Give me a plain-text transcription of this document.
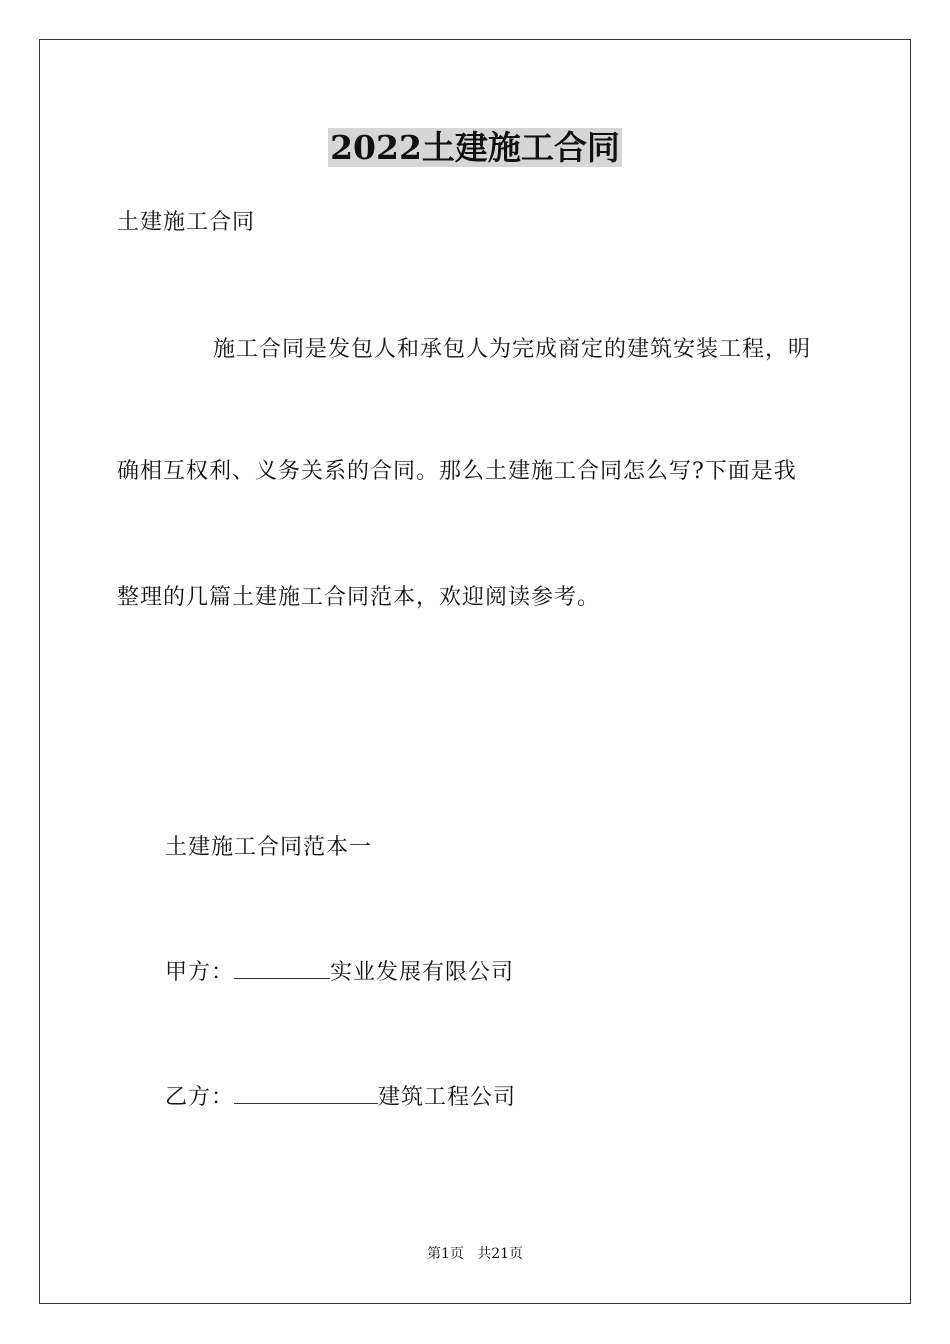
2022土建施工合同
土建施工合同
施工合同是发包人和承包人为完成商定的建筑安装工程，明
确相互权利、义务关系的合同。那么土建施工合同怎么写?下面是我
整理的几篇土建施工合同范本，欢迎阅读参考。
土建施工合同范本一
甲方：	实业发展有限公司
乙方：	建筑工程公司
第1页   共21页
